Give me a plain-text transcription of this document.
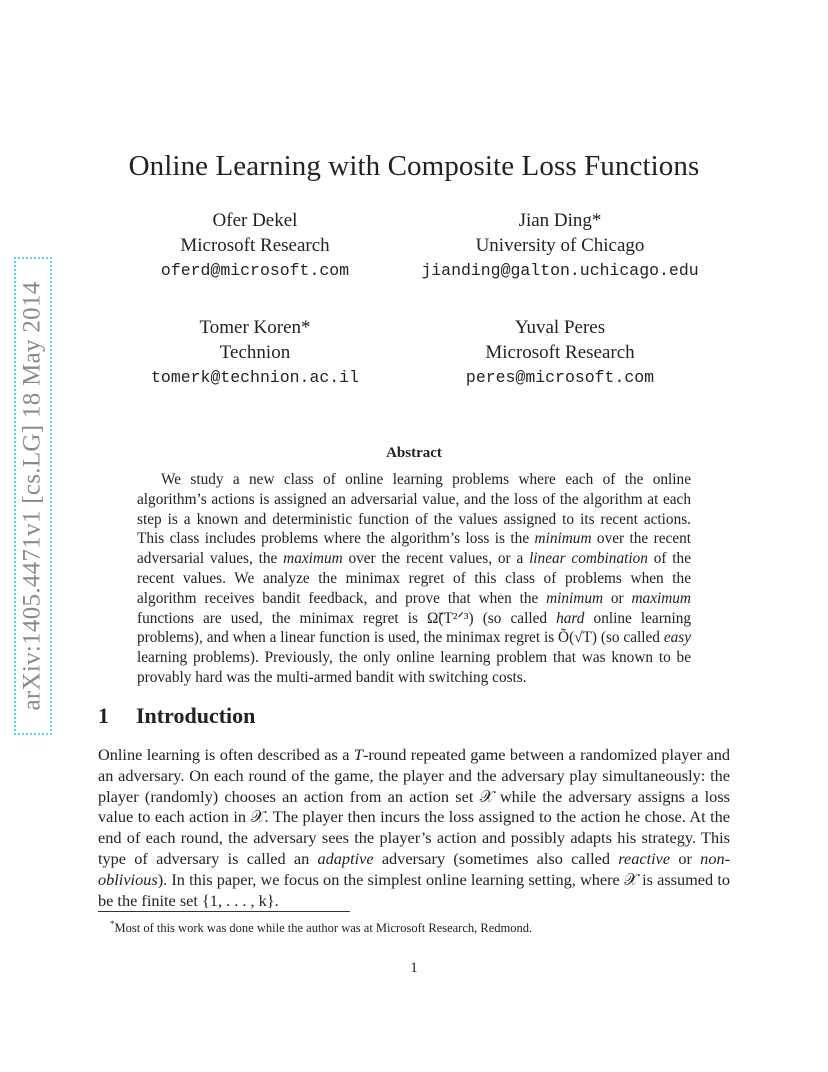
arXiv:1405.4471v1 [cs.LG] 18 May 2014
Online Learning with Composite Loss Functions
Ofer Dekel
Microsoft Research
oferd@microsoft.com
Jian Ding*
University of Chicago
jianding@galton.uchicago.edu
Tomer Koren*
Technion
tomerk@technion.ac.il
Yuval Peres
Microsoft Research
peres@microsoft.com
Abstract
We study a new class of online learning problems where each of the online algorithm’s actions is assigned an adversarial value, and the loss of the algorithm at each step is a known and deterministic function of the values assigned to its recent actions. This class includes problems where the algorithm’s loss is the minimum over the recent adversarial values, the maximum over the recent values, or a linear combination of the recent values. We analyze the minimax regret of this class of problems when the algorithm receives bandit feedback, and prove that when the minimum or maximum functions are used, the minimax regret is Ω̃(T²ᐟ³) (so called hard online learning problems), and when a linear function is used, the minimax regret is Õ(√T) (so called easy learning problems). Previously, the only online learning problem that was known to be provably hard was the multi-armed bandit with switching costs.
1 Introduction
Online learning is often described as a T-round repeated game between a randomized player and an adversary. On each round of the game, the player and the adversary play simultaneously: the player (randomly) chooses an action from an action set 𝒳 while the adversary assigns a loss value to each action in 𝒳. The player then incurs the loss assigned to the action he chose. At the end of each round, the adversary sees the player’s action and possibly adapts his strategy. This type of adversary is called an adaptive adversary (sometimes also called reactive or non-oblivious). In this paper, we focus on the simplest online learning setting, where 𝒳 is assumed to be the finite set {1, . . . , k}.
*Most of this work was done while the author was at Microsoft Research, Redmond.
1
